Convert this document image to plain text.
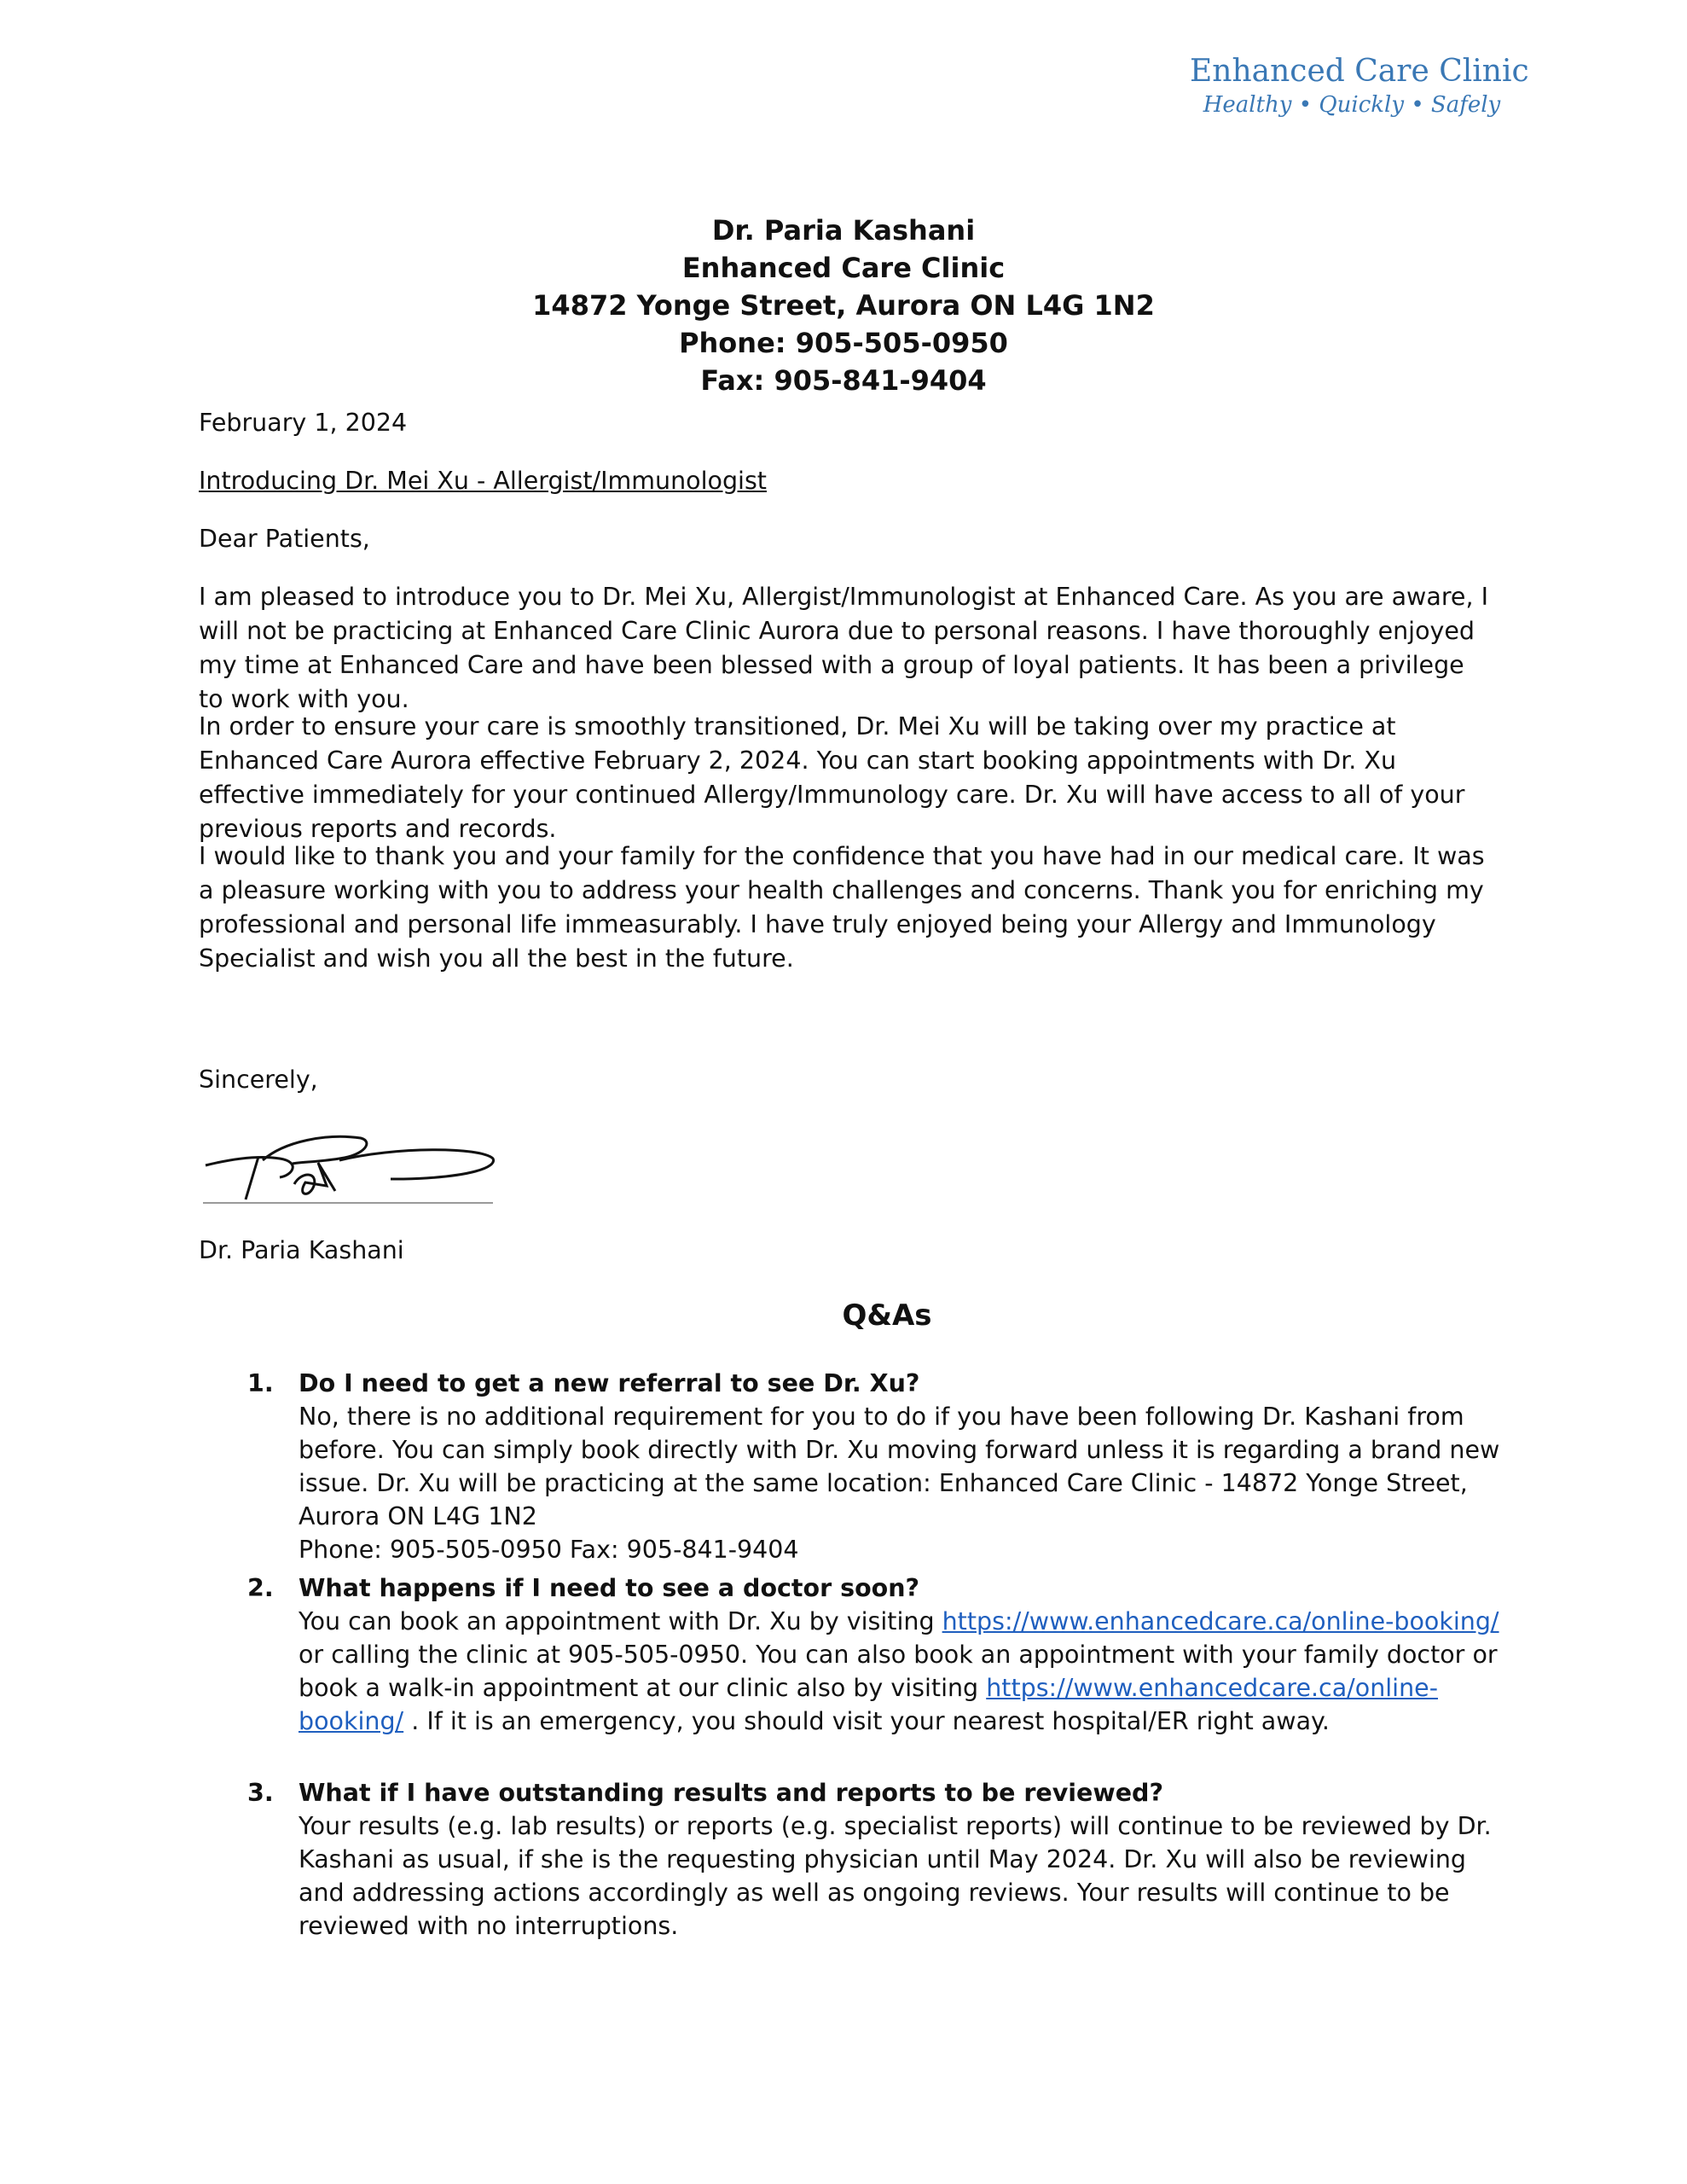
Enhanced Care Clinic
Healthy • Quickly • Safely
Dr. Paria Kashani
Enhanced Care Clinic
14872 Yonge Street, Aurora ON L4G 1N2
Phone: 905-505-0950
Fax: 905-841-9404
February 1, 2024
Introducing Dr. Mei Xu - Allergist/Immunologist
Dear Patients,
I am pleased to introduce you to Dr. Mei Xu, Allergist/Immunologist at Enhanced Care. As you are aware, I will not be practicing at Enhanced Care Clinic Aurora due to personal reasons. I have thoroughly enjoyed my time at Enhanced Care and have been blessed with a group of loyal patients. It has been a privilege to work with you.
In order to ensure your care is smoothly transitioned, Dr. Mei Xu will be taking over my practice at Enhanced Care Aurora effective February 2, 2024. You can start booking appointments with Dr. Xu effective immediately for your continued Allergy/Immunology care. Dr. Xu will have access to all of your previous reports and records.
I would like to thank you and your family for the confidence that you have had in our medical care. It was a pleasure working with you to address your health challenges and concerns. Thank you for enriching my professional and personal life immeasurably. I have truly enjoyed being your Allergy and Immunology Specialist and wish you all the best in the future.
Sincerely,
Dr. Paria Kashani
Q&As
1. Do I need to get a new referral to see Dr. Xu?
No, there is no additional requirement for you to do if you have been following Dr. Kashani from before. You can simply book directly with Dr. Xu moving forward unless it is regarding a brand new issue. Dr. Xu will be practicing at the same location: Enhanced Care Clinic - 14872 Yonge Street, Aurora ON L4G 1N2
Phone: 905-505-0950 Fax: 905-841-9404
2. What happens if I need to see a doctor soon?
You can book an appointment with Dr. Xu by visiting https://www.enhancedcare.ca/online-booking/ or calling the clinic at 905-505-0950. You can also book an appointment with your family doctor or book a walk-in appointment at our clinic also by visiting https://www.enhancedcare.ca/online-booking/ . If it is an emergency, you should visit your nearest hospital/ER right away.
3. What if I have outstanding results and reports to be reviewed?
Your results (e.g. lab results) or reports (e.g. specialist reports) will continue to be reviewed by Dr. Kashani as usual, if she is the requesting physician until May 2024. Dr. Xu will also be reviewing and addressing actions accordingly as well as ongoing reviews. Your results will continue to be reviewed with no interruptions.
